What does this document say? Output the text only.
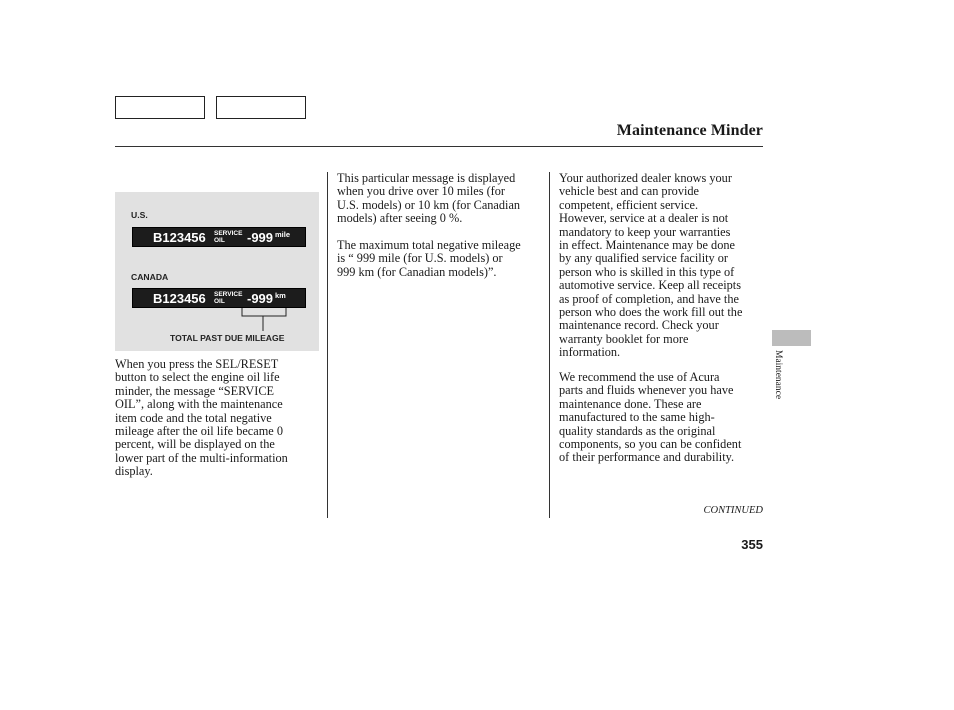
Maintenance Minder
U.S.
B123456 SERVICE
OIL -999 mile
CANADA
B123456 SERVICE
OIL -999 km
TOTAL PAST DUE MILEAGE
When you press the SEL/RESET
button to select the engine oil life
minder, the message “SERVICE
OIL”, along with the maintenance
item code and the total negative
mileage after the oil life became 0
percent, will be displayed on the
lower part of the multi-information
display.
This particular message is displayed
when you drive over 10 miles (for
U.S. models) or 10 km (for Canadian
models) after seeing 0 %.
The maximum total negative mileage
is “ 999 mile (for U.S. models) or
999 km (for Canadian models)”.
Your authorized dealer knows your
vehicle best and can provide
competent, efficient service.
However, service at a dealer is not
mandatory to keep your warranties
in effect. Maintenance may be done
by any qualified service facility or
person who is skilled in this type of
automotive service. Keep all receipts
as proof of completion, and have the
person who does the work fill out the
maintenance record. Check your
warranty booklet for more
information.
We recommend the use of Acura
parts and fluids whenever you have
maintenance done. These are
manufactured to the same high-
quality standards as the original
components, so you can be confident
of their performance and durability.
Maintenance
CONTINUED
355
